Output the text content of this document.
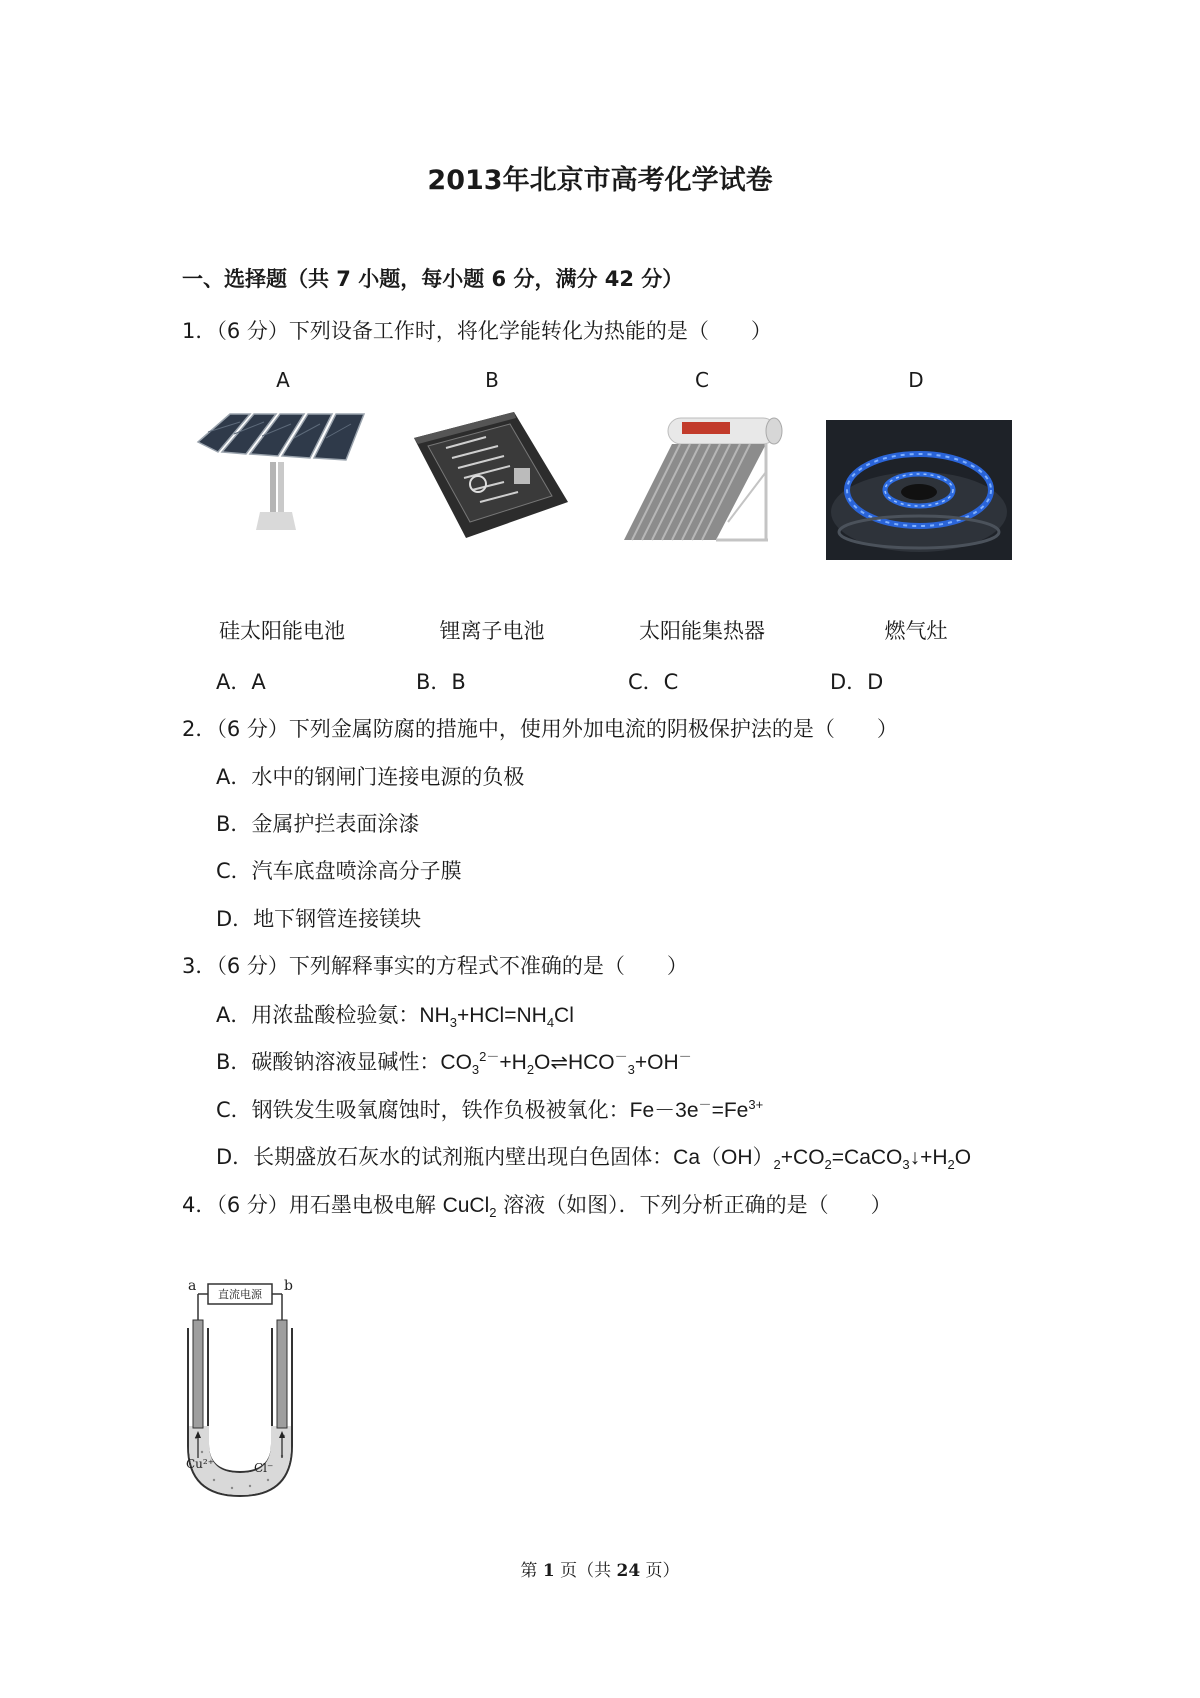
2013年北京市高考化学试卷
一、选择题（共 7 小题，每小题 6 分，满分 42 分）
1．（6 分）下列设备工作时，将化学能转化为热能的是（　　）
A	B	C	D
硅太阳能电池	锂离子电池	太阳能集热器	燃气灶
A．A	B．B	C．C	D．D
2．（6 分）下列金属防腐的措施中，使用外加电流的阴极保护法的是（　　）
A．水中的钢闸门连接电源的负极
B．金属护拦表面涂漆
C．汽车底盘喷涂高分子膜
D．地下钢管连接镁块
3．（6 分）下列解释事实的方程式不准确的是（　　）
A．用浓盐酸检验氨：$NH_3+HCl=NH_4Cl$
B．碳酸钠溶液显碱性：$CO_3^{2-}+H_2O\rightleftharpoons HCO^-_3+OH^-$
C．钢铁发生吸氧腐蚀时，铁作负极被氧化：$Fe-3e^-=Fe^{3+}$
D．长期盛放石灰水的试剂瓶内壁出现白色固体：$Ca(OH)_2+CO_2=CaCO_3↓+H_2O$
4．（6 分）用石墨电极电解 CuCl$_2$ 溶液（如图）．下列分析正确的是（　　）
直流电源
a	b
Cu²⁺	Cl⁻
第 1 页（共 24 页）
